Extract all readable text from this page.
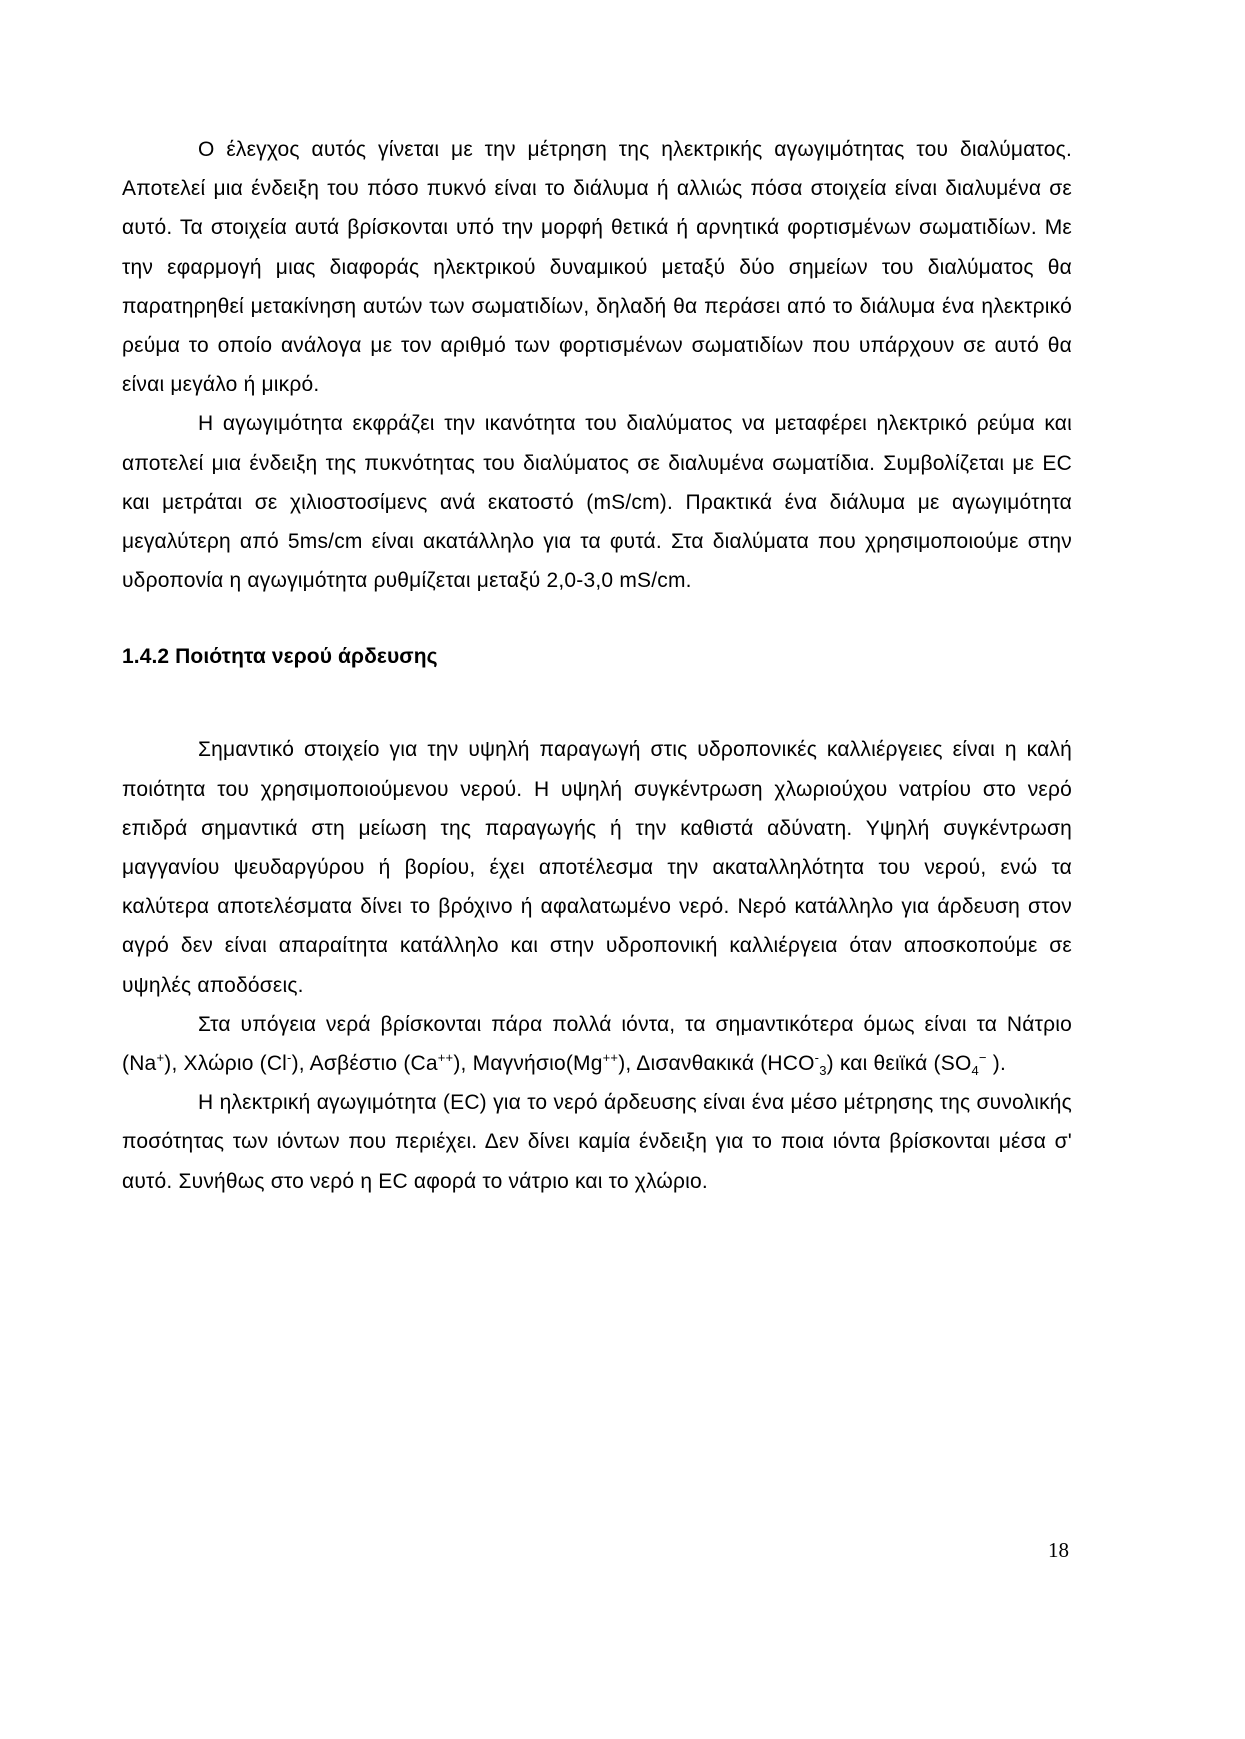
Ο έλεγχος αυτός γίνεται με την μέτρηση της ηλεκτρικής αγωγιμότητας του διαλύματος. Αποτελεί μια ένδειξη του πόσο πυκνό είναι το διάλυμα ή αλλιώς πόσα στοιχεία είναι διαλυμένα σε αυτό. Τα στοιχεία αυτά βρίσκονται υπό την μορφή θετικά ή αρνητικά φορτισμένων σωματιδίων. Με την εφαρμογή μιας διαφοράς ηλεκτρικού δυναμικού μεταξύ δύο σημείων του διαλύματος θα παρατηρηθεί μετακίνηση αυτών των σωματιδίων, δηλαδή θα περάσει από το διάλυμα ένα ηλεκτρικό ρεύμα το οποίο ανάλογα με τον αριθμό των φορτισμένων σωματιδίων που υπάρχουν σε αυτό θα είναι μεγάλο ή μικρό.

Η αγωγιμότητα εκφράζει την ικανότητα του διαλύματος να μεταφέρει ηλεκτρικό ρεύμα και αποτελεί μια ένδειξη της πυκνότητας του διαλύματος σε διαλυμένα σωματίδια. Συμβολίζεται με EC και μετράται σε χιλιοστοσίμενς ανά εκατοστό (mS/cm). Πρακτικά ένα διάλυμα με αγωγιμότητα μεγαλύτερη από 5ms/cm είναι ακατάλληλο για τα φυτά. Στα διαλύματα που χρησιμοποιούμε στην υδροπονία η αγωγιμότητα ρυθμίζεται μεταξύ 2,0-3,0 mS/cm.

1.4.2 Ποιότητα νερού άρδευσης

Σημαντικό στοιχείο για την υψηλή παραγωγή στις υδροπονικές καλλιέργειες είναι η καλή ποιότητα του χρησιμοποιούμενου νερού. Η υψηλή συγκέντρωση χλωριούχου νατρίου στο νερό επιδρά σημαντικά στη μείωση της παραγωγής ή την καθιστά αδύνατη. Υψηλή συγκέντρωση μαγγανίου ψευδαργύρου ή βορίου, έχει αποτέλεσμα την ακαταλληλότητα του νερού, ενώ τα καλύτερα αποτελέσματα δίνει το βρόχινο ή αφαλατωμένο νερό. Νερό κατάλληλο για άρδευση στον αγρό δεν είναι απαραίτητα κατάλληλο και στην υδροπονική καλλιέργεια όταν αποσκοπούμε σε υψηλές αποδόσεις.

Στα υπόγεια νερά βρίσκονται πάρα πολλά ιόντα, τα σημαντικότερα όμως είναι τα Νάτριο (Na+), Χλώριο (Cl-), Ασβέστιο (Ca++), Μαγνήσιο(Mg++), Δισανθακικά $(HCO^-_3)$ και θειϊκά ($SO_4^-$ ).

Η ηλεκτρική αγωγιμότητα (EC) για το νερό άρδευσης είναι ένα μέσο μέτρησης της συνολικής ποσότητας των ιόντων που περιέχει. Δεν δίνει καμία ένδειξη για το ποια ιόντα βρίσκονται μέσα σ' αυτό. Συνήθως στο νερό η EC αφορά το νάτριο και το χλώριο.

18
